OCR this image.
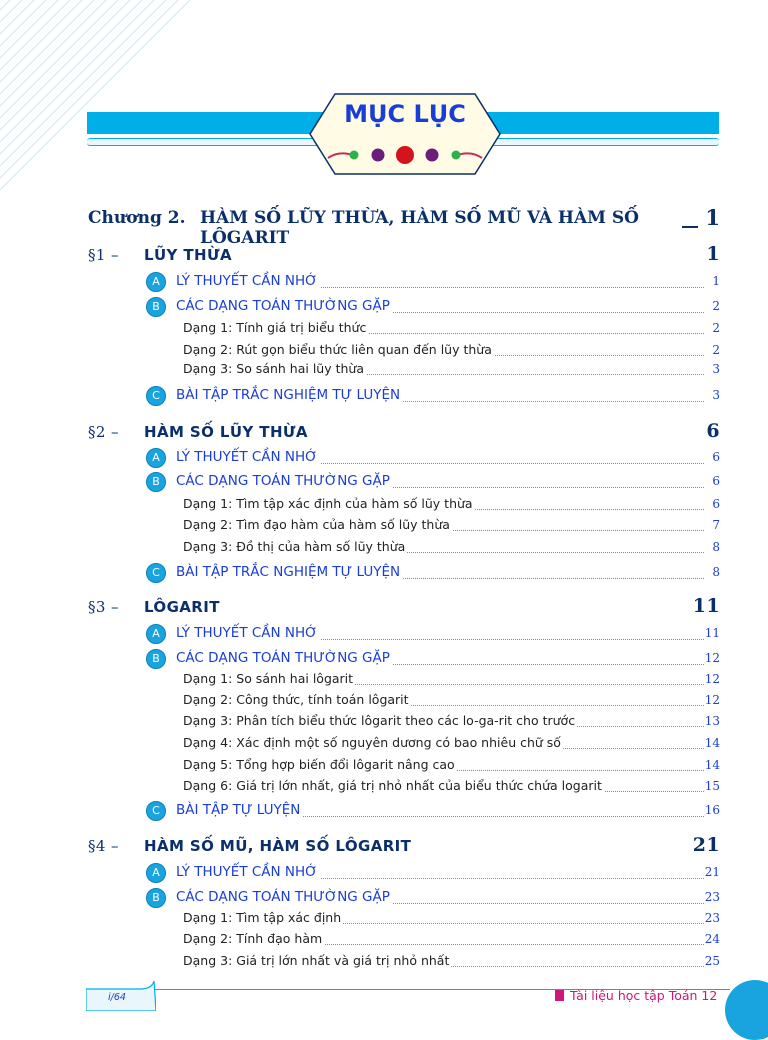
MỤC LỤC
Chương 2. HÀM SỐ LŨY THỪA, HÀM SỐ MŨ VÀ HÀM SỐ LÔGARIT
1
§1 – LŨY THỪA	1
A	LÝ THUYẾT CẦN NHỚ	1
B	CÁC DẠNG TOÁN THƯỜNG GẶP	2
Dạng 1: Tính giá trị biểu thức	2
Dạng 2: Rút gọn biểu thức liên quan đến lũy thừa	2
Dạng 3: So sánh hai lũy thừa	3
C	BÀI TẬP TRẮC NGHIỆM TỰ LUYỆN	3
§2 – HÀM SỐ LŨY THỪA	6
A	LÝ THUYẾT CẦN NHỚ	6
B	CÁC DẠNG TOÁN THƯỜNG GẶP	6
Dạng 1: Tìm tập xác định của hàm số lũy thừa	6
Dạng 2: Tìm đạo hàm của hàm số lũy thừa	7
Dạng 3: Đồ thị của hàm số lũy thừa	8
C	BÀI TẬP TRẮC NGHIỆM TỰ LUYỆN	8
§3 – LÔGARIT	11
A	LÝ THUYẾT CẦN NHỚ	11
B	CÁC DẠNG TOÁN THƯỜNG GẶP	12
Dạng 1: So sánh hai lôgarit	12
Dạng 2: Công thức, tính toán lôgarit	12
Dạng 3: Phân tích biểu thức lôgarit theo các lo-ga-rit cho trước	13
Dạng 4: Xác định một số nguyên dương có bao nhiêu chữ số	14
Dạng 5: Tổng hợp biến đổi lôgarit nâng cao	14
Dạng 6: Giá trị lớn nhất, giá trị nhỏ nhất của biểu thức chứa logarit	15
C	BÀI TẬP TỰ LUYỆN	16
§4 – HÀM SỐ MŨ, HÀM SỐ LÔGARIT	21
A	LÝ THUYẾT CẦN NHỚ	21
B	CÁC DẠNG TOÁN THƯỜNG GẶP	23
Dạng 1: Tìm tập xác định	23
Dạng 2: Tính đạo hàm	24
Dạng 3: Giá trị lớn nhất và giá trị nhỏ nhất	25
i/64	Tài liệu học tập Toán 12
